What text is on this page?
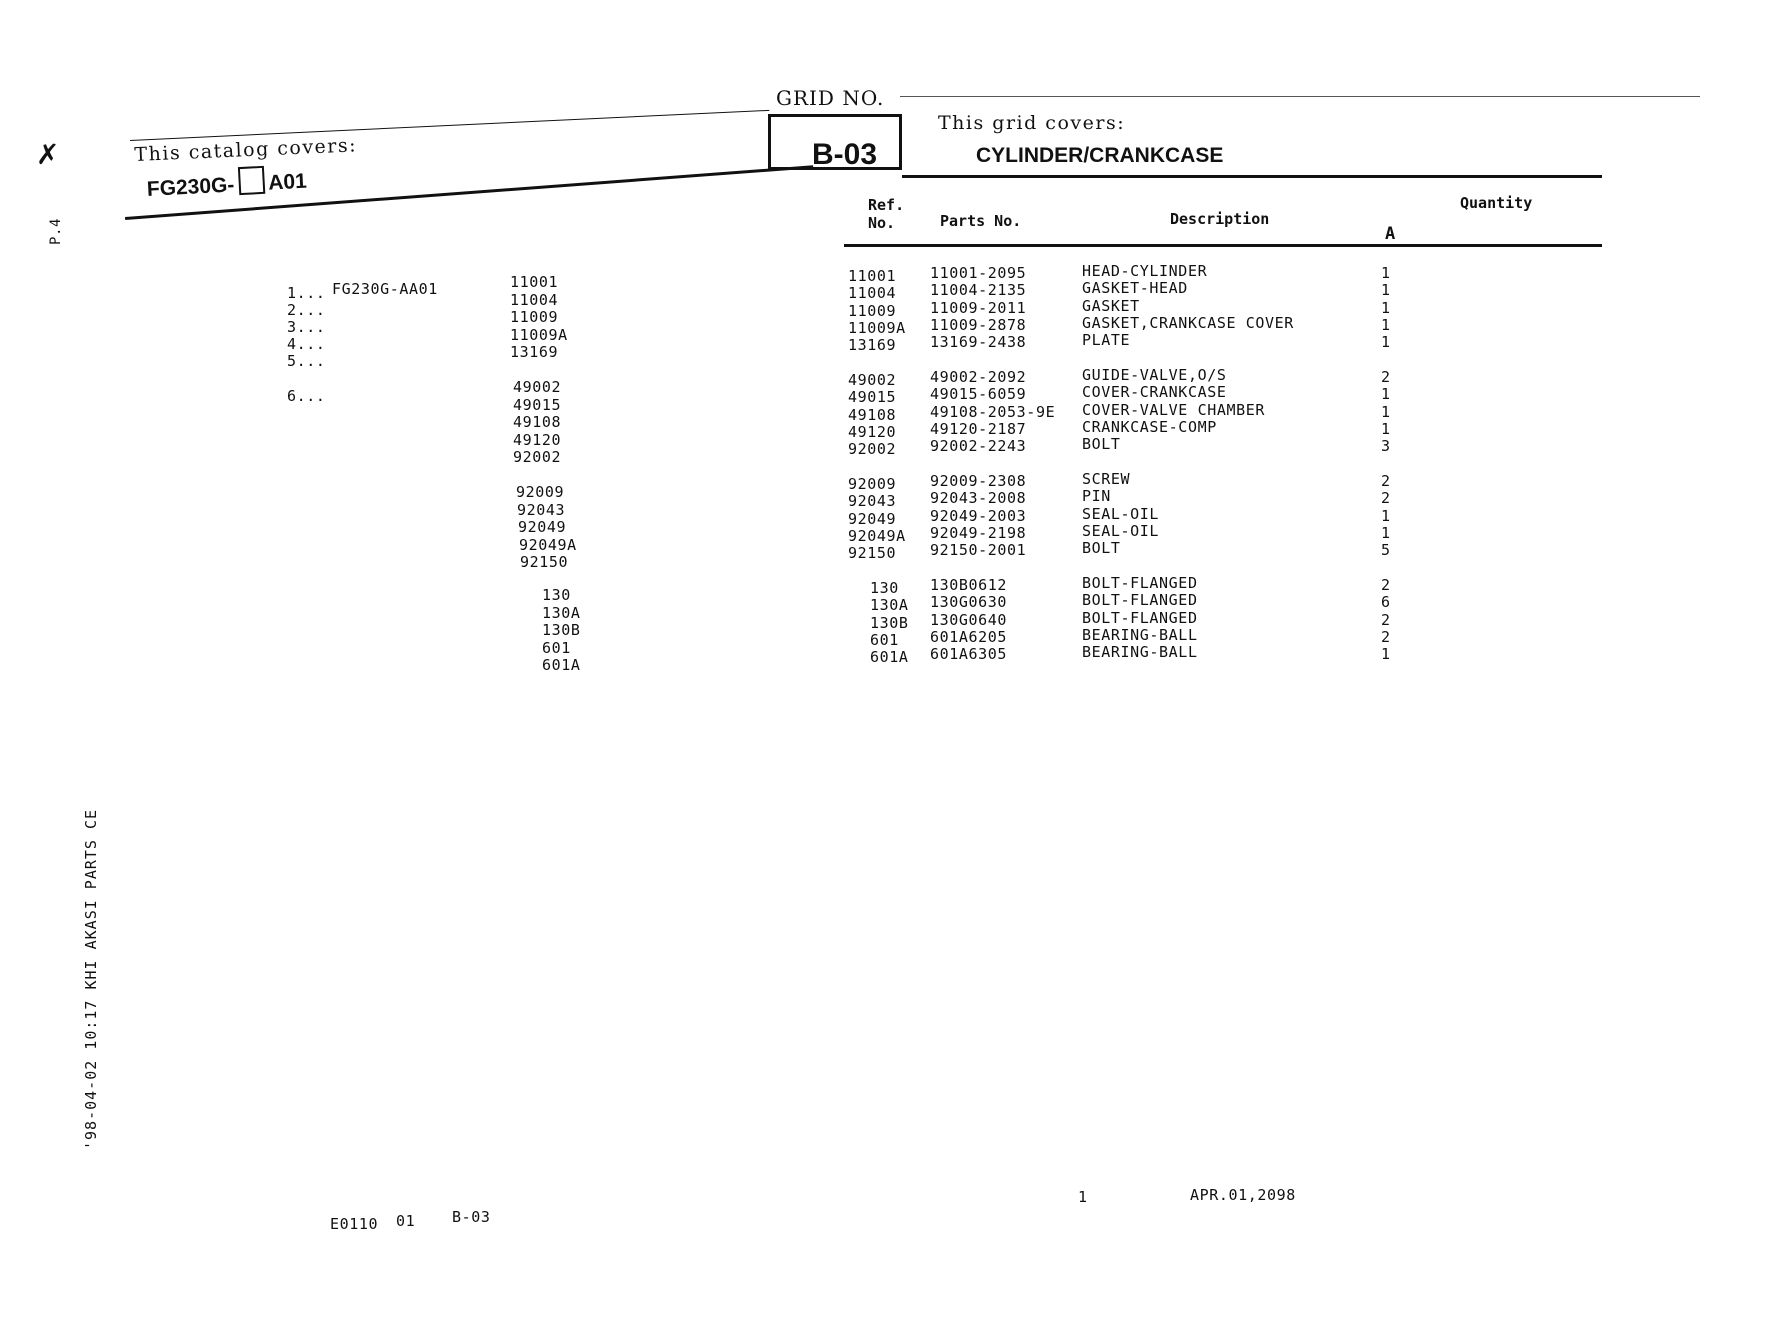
✗
P.4
This catalog covers:
FG230G- A01
GRID NO.
B-03
This grid covers:
CYLINDER/CRANKCASE
Ref.
No.	Parts No.	Description
Quantity
A
1... FG230G-AA01
2...
3...
4...
5...
6...
11001
11004
11009
11009A
13169
49002
49015
49108
49120
92002
92009
92043
92049
92049A
92150
130
130A
130B
601
601A
11001 11001-2095	HEAD-CYLINDER	1
11004 11004-2135	GASKET-HEAD	1
11009 11009-2011	GASKET	1
11009A 11009-2878	GASKET,CRANKCASE COVER	1
13169 13169-2438	PLATE	1
49002 49002-2092	GUIDE-VALVE,O/S	2
49015 49015-6059	COVER-CRANKCASE	1
49108 49108-2053-9E COVER-VALVE CHAMBER	1
49120 49120-2187	CRANKCASE-COMP	1
92002 92002-2243	BOLT	3
92009 92009-2308	SCREW	2
92043 92043-2008	PIN	2
92049 92049-2003	SEAL-OIL	1
92049A 92049-2198	SEAL-OIL	1
92150 92150-2001	BOLT	5
130 130B0612	BOLT-FLANGED	2
130A 130G0630	BOLT-FLANGED	6
130B 130G0640	BOLT-FLANGED	2
601 601A6205	BEARING-BALL	2
601A 601A6305	BEARING-BALL	1
E0110 01 B-03
1	APR.01,2098
'98-04-02 10:17 KHI AKASI PARTS CE
